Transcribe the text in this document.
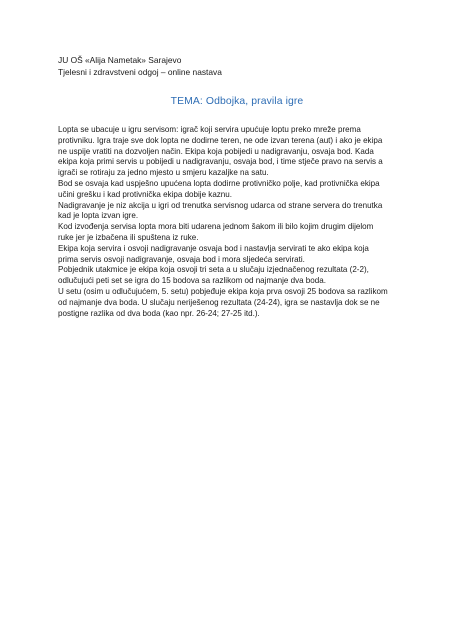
JU OŠ «Alija Nametak» Sarajevo
Tjelesni i zdravstveni odgoj – online nastava
TEMA: Odbojka, pravila igre

Lopta se ubacuje u igru servisom: igrač koji servira upućuje loptu preko mreže prema
protivniku. Igra traje sve dok lopta ne dodirne teren, ne ode izvan terena (aut) i ako je ekipa
ne uspije vratiti na dozvoljen način. Ekipa koja pobijedi u nadigravanju, osvaja bod. Kada
ekipa koja primi servis u pobijedi u nadigravanju, osvaja bod, i time stječe pravo na servis a
igrači se rotiraju za jedno mjesto u smjeru kazaljke na satu.

Bod se osvaja kad uspješno upućena lopta dodirne protivničko polje, kad protivnička ekipa
učini grešku i kad protivnička ekipa dobije kaznu.

Nadigravanje je niz akcija u igri od trenutka servisnog udarca od strane servera do trenutka
kad je lopta izvan igre.

Kod izvođenja servisa lopta mora biti udarena jednom šakom ili bilo kojim drugim dijelom
ruke jer je izbačena ili spuštena iz ruke.

Ekipa koja servira i osvoji nadigravanje osvaja bod i nastavlja servirati te ako ekipa koja
prima servis osvoji nadigravanje, osvaja bod i mora sljedeća servirati.

Pobjednik utakmice je ekipa koja osvoji tri seta a u slučaju izjednačenog rezultata (2-2),
odlučujući peti set se igra do 15 bodova sa razlikom od najmanje dva boda.

U setu (osim u odlučujućem, 5. setu) pobjeđuje ekipa koja prva osvoji 25 bodova sa razlikom
od najmanje dva boda. U slučaju neriješenog rezultata (24-24), igra se nastavlja dok se ne
postigne razlika od dva boda (kao npr. 26-24; 27-25 itd.).
